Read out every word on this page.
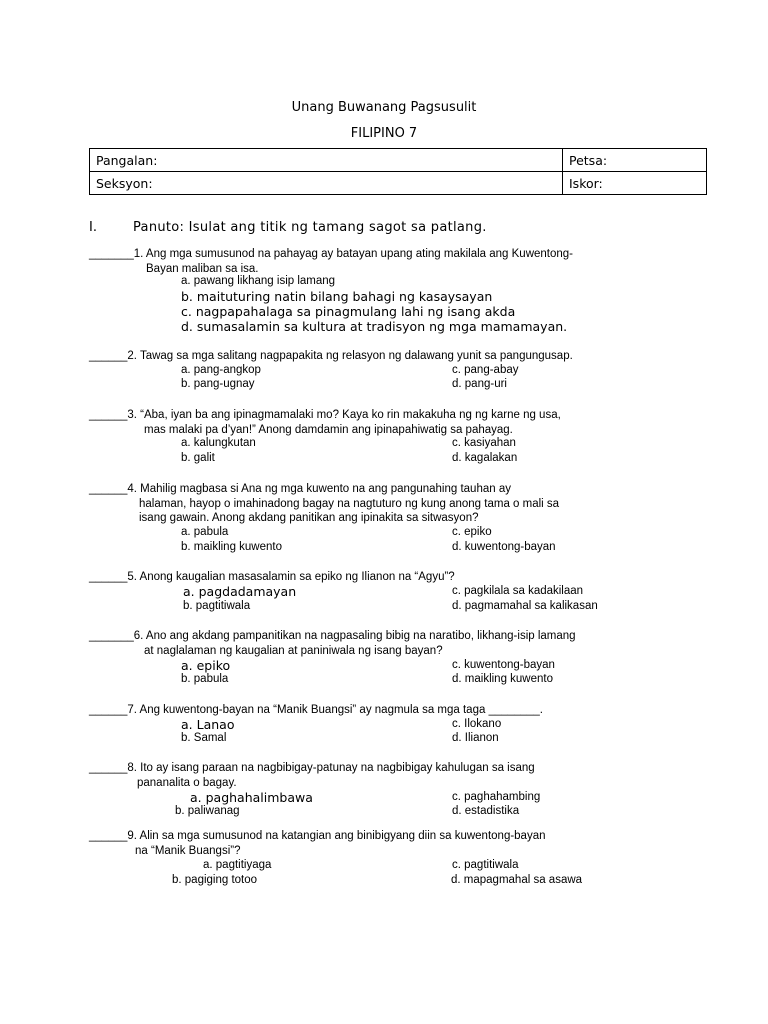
Unang Buwanang Pagsusulit
FILIPINO 7
Pangalan:	Petsa:
Seksyon:	Iskor:
I.	Panuto: Isulat ang titik ng tamang sagot sa patlang.
_______1. Ang mga sumusunod na pahayag ay batayan upang ating makilala ang Kuwentong-
Bayan maliban sa isa.
a. pawang likhang isip lamang
b. maituturing natin bilang bahagi ng kasaysayan
c. nagpapahalaga sa pinagmulang lahi ng isang akda
d. sumasalamin sa kultura at tradisyon ng mga mamamayan.
______2. Tawag sa mga salitang nagpapakita ng relasyon ng dalawang yunit sa pangungusap.
a. pang-angkop	c. pang-abay
b. pang-ugnay	d. pang-uri
______3. “Aba, iyan ba ang ipinagmamalaki mo? Kaya ko rin makakuha ng ng karne ng usa,
mas malaki pa d’yan!” Anong damdamin ang ipinapahiwatig sa pahayag.
a. kalungkutan	c. kasiyahan
b. galit	d. kagalakan
______4. Mahilig magbasa si Ana ng mga kuwento na ang pangunahing tauhan ay
halaman, hayop o imahinadong bagay na nagtuturo ng kung anong tama o mali sa
isang gawain. Anong akdang panitikan ang ipinakita sa sitwasyon?
a. pabula	c. epiko
b. maikling kuwento	d. kuwentong-bayan
______5. Anong kaugalian masasalamin sa epiko ng Ilianon na “Agyu”?
a. pagdadamayan	c. pagkilala sa kadakilaan
b. pagtitiwala	d. pagmamahal sa kalikasan
_______6. Ano ang akdang pampanitikan na nagpasaling bibig na naratibo, likhang-isip lamang
at naglalaman ng kaugalian at paniniwala ng isang bayan?
a. epiko	c. kuwentong-bayan
b. pabula	d. maikling kuwento
______7. Ang kuwentong-bayan na “Manik Buangsi” ay nagmula sa mga taga ________.
a. Lanao	c. Ilokano
b. Samal	d. Ilianon
______8. Ito ay isang paraan na nagbibigay-patunay na nagbibigay kahulugan sa isang
pananalita o bagay.
a. paghahalimbawa	c. paghahambing
b. paliwanag	d. estadistika
______9. Alin sa mga sumusunod na katangian ang binibigyang diin sa kuwentong-bayan
na “Manik Buangsi”?
a. pagtitiyaga	c. pagtitiwala
b. pagiging totoo	d. mapagmahal sa asawa
